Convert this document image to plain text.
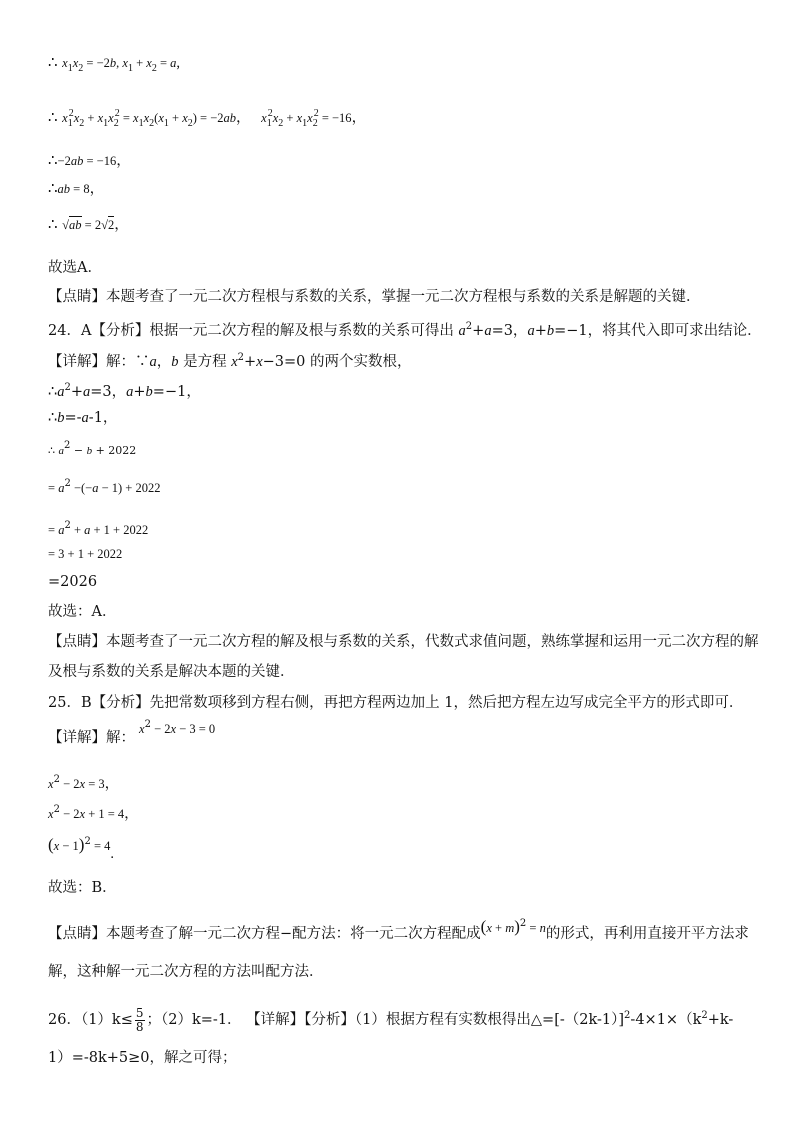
∴ $x_1x_2 = -2b$, $x_1 + x_2 = a$,
∴ $x_1^2x_2 + x_1x_2^2 = x_1x_2(x_1 + x_2) = -2ab$， $x_1^2x_2 + x_1x_2^2 = -16$，
∴−2ab = −16，
∴ab = 8，
∴ √ab = 2√2，
故选A．
【点睛】本题考查了一元二次方程根与系数的关系，掌握一元二次方程根与系数的关系是解题的关键．
24．A【分析】根据一元二次方程的解及根与系数的关系可得出 $a^2+a=3$，a+b=−1，将其代入即可求出结论．
【详解】解：∵a，b 是方程 $x^2+x-3=0$ 的两个实数根，
$\therefore a^2+a=3$，a+b=−1，
∴b=-a-1，
∴ a2 − b + 2022
= $a^2 -(-a - 1) + 2022$
= $a^2 + a + 1 + 2022$
= 3 + 1 + 2022
=2026
故选：A．
【点睛】本题考查了一元二次方程的解及根与系数的关系，代数式求值问题，熟练掌握和运用一元二次方程的解
及根与系数的关系是解决本题的关键．
25．B【分析】先把常数项移到方程右侧，再把方程两边加上 1，然后把方程左边写成完全平方的形式即可．
【详解】解：$x^2 - 2x - 3 = 0$
$x^2 - 2x = 3$，
$x^2 - 2x + 1 = 4$，
$(x - 1)^2 = 4$.
故选：B．
【点睛】本题考查了解一元二次方程−配方法：将一元二次方程配成$(x + m)^2 = n$的形式，再利用直接开平方法求
解，这种解一元二次方程的方法叫配方法．
26．$(1)k\le \frac{5}{8}$ ；（2）k=-1． 【详解】【分析】（1）根据方程有实数根得出$\triangle=[-(2k-1)]^2-4\times 1\times(k^2+k-$
1）=-8k+5≥0，解之可得；
